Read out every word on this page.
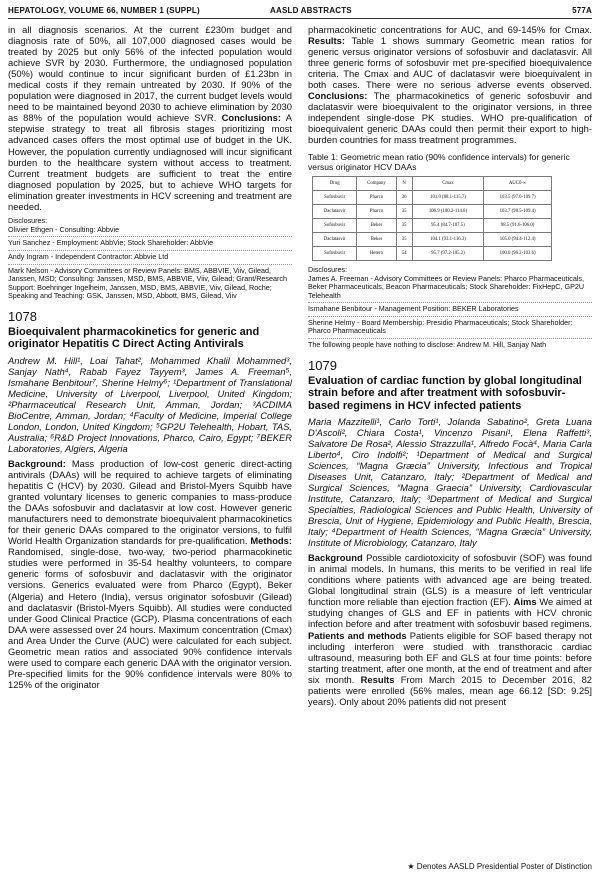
HEPATOLOGY, VOLUME 66, NUMBER 1 (SUPPL)	AASLD ABSTRACTS	577A

in all diagnosis scenarios. At the current £230m budget and diagnosis rate of 50%, all 107,000 diagnosed cases would be treated by 2025 but only 56% of the infected population would achieve SVR by 2030. Furthermore, the undiagnosed population (50%) would continue to incur significant burden of £1.23bn in medical costs if they remain untreated by 2030. If 90% of the population were diagnosed in 2017, the current budget levels would need to be maintained beyond 2030 to achieve elimination by 2030 as 88% of the population would achieve SVR. Conclusions: A stepwise strategy to treat all fibrosis stages prioritizing most advanced cases offers the most optimal use of budget in the UK. However, the population currently undiagnosed will incur significant burden to the healthcare system without access to treatment. Current treatment budgets are sufficient to treat the entire diagnosed population by 2025, but to achieve WHO targets for elimination greater investments in HCV screening and treatment are needed.

Disclosures:
Olivier Ethgen - Consulting: Abbvie
Yuri Sanchez - Employment: AbbVie; Stock Shareholder: AbbVie
Andy Ingram - Independent Contractor: Abbvie Ltd
Mark Nelson - Advisory Committees or Review Panels: BMS, ABBVIE, Viiv, Gilead, Janssen, MSD; Consulting: Janssen, MSD, BMS, ABBVIE, Viiv, Gilead; Grant/Research Support: Boehringer Ingelheim, Janssen, MSD, BMS, ABBVIE, Viiv, Gilead, Roche; Speaking and Teaching: GSK, Janssen, MSD, Abbott, BMS, Gilead, Viiv
1078
Bioequivalent pharmacokinetics for generic and originator Hepatitis C Direct Acting Antivirals
Andrew M. Hill¹, Loai Tahat², Mohammed Khalil Mohammed³, Sanjay Nath⁴, Rabab Fayez Tayyem³, James A. Freeman⁵, Ismahane Benbitour⁷, Sherine Helmy⁶; ¹Department of Translational Medicine, University of Liverpool, Liverpool, United Kingdom; ²Pharmaceutical Research Unit, Amman, Jordan; ³ACDIMA BioCentre, Amman, Jordan; ⁴Faculty of Medicine, Imperial College London, London, United Kingdom; ⁵GP2U Telehealth, Hobart, TAS, Australia; ⁶R&D Project Innovations, Pharco, Cairo, Egypt; ⁷BEKER Laboratories, Algiers, Algeria

Background: Mass production of low-cost generic direct-acting antivirals (DAAs) will be required to achieve targets of eliminating hepatitis C (HCV) by 2030. Gilead and Bristol-Myers Squibb have granted voluntary licenses to generic companies to mass-produce the DAAs sofosbuvir and daclatasvir at low cost. However generic manufacturers need to demonstrate bioequivalent pharmacokinetics for their generic DAAs compared to the originator versions, to fulfil World Health Organization standards for pre-qualification. Methods: Randomised, single-dose, two-way, two-period pharmacokinetic studies were performed in 35-54 healthy volunteers, to compare generic forms of sofosbuvir and daclatasvir with the originator versions. Generics evaluated were from Pharco (Egypt), Beker (Algeria) and Hetero (India), versus originator sofosbuvir (Gilead) and daclatasvir (Bristol-Myers Squibb). All studies were conducted under Good Clinical Practice (GCP). Plasma concentrations of each DAA were assessed over 24 hours. Maximum concentration (Cmax) and Area Under the Curve (AUC) were calculated for each subject. Geometric mean ratios and associated 90% confidence intervals were used to compare each generic DAA with the originator version. Pre-specified limits for the 90% confidence intervals were 80% to 125% of the originator

pharmacokinetic concentrations for AUC, and 69-145% for Cmax. Results: Table 1 shows summary Geometric mean ratios for generic versus originator versions of sofosbuvir and daclatasvir. All three generic forms of sofosbuvir met pre-specified bioequivalence criteria. The Cmax and AUC of daclatasvir were bioequivalent in both cases. There were no serious adverse events observed. Conclusions: The pharmacokinetics of generic sofosbuvir and daclatasvir were bioequivalent to the originator versions, in three independent single-dose PK studies. WHO pre-qualification of bioequivalent generic DAAs could then permit their export to high-burden countries for mass treatment programmes.

Table 1: Geometric mean ratio (90% confidence intervals) for generic versus originator HCV DAAs
Drug	Company	N	Cmax	AUC0-∞
Sofosbuvir	Pharco	36	101.0 (88.1-115.7)	103.5 (97.0-109.7)
Daclatasvir	Pharco	35	106.9 (100.2-114.0)	103.7 (98.5-109.4)
Sofosbuvir	Beker	35	95.4 (84.7-107.5)	98.5 (91.6-106.0)
Daclatasvir	Beker	35	104.1 (93.1-116.3)	105.0 (94.4-112.4)
Sofosbuvir	Hetero	54	95.7 (97.2-105.2)	100.0 (96.2-103.6)
Disclosures:
James A. Freeman - Advisory Committees or Review Panels: Pharco Pharmaceuticals, Beker Pharmaceuticals, Beacon Pharmaceuticals; Stock Shareholder: FixHepC, GP2U Telehealth
Ismahane Benbitour - Management Position: BEKER Laboratories
Sherine Helmy - Board Membership: Presidio Pharmaceuticals; Stock Shareholder: Pharco Pharmaceuticals
The following people have nothing to disclose: Andrew M. Hill, Sanjay Nath
1079
Evaluation of cardiac function by global longitudinal strain before and after treatment with sofosbuvir-based regimens in HCV infected patients
Maria Mazzitelli¹, Carlo Torti¹, Jolanda Sabatino², Greta Luana D'Ascoli², Chiara Costa¹, Vincenzo Pisani¹, Elena Raffetti³, Salvatore De Rosa², Alessio Strazzulla¹, Alfredo Focà⁴, Maria Carla Liberto⁴, Ciro Indolfi²; ¹Department of Medical and Surgical Sciences, “Magna Græcia” University, Infectious and Tropical Diseases Unit, Catanzaro, Italy; ²Department of Medical and Surgical Sciences, “Magna Graecia” University, Cardiovascular Institute, Catanzaro, Italy; ³Department of Medical and Surgical Specialties, Radiological Sciences and Public Health, University of Brescia, Unit of Hygiene, Epidemiology and Public Health, Brescia, Italy; ⁴Department of Health Sciences, “Magna Græcia” University, Institute of Microbiology, Catanzaro, Italy

Background Possible cardiotoxicity of sofosbuvir (SOF) was found in animal models. In humans, this merits to be verified in real life conditions where patients with advanced age are being treated. Global longitudinal strain (GLS) is a measure of left ventricular function more reliable than ejection fraction (EF). Aims We aimed at studying changes of GLS and EF in patients with HCV chronic infection before and after treatment with sofosbuvir based regimens. Patients and methods Patients eligible for SOF based therapy not including interferon were studied with transthoracic cardiac ultrasound, measuring both EF and GLS at four time points: before starting treatment, after one month, at the end of treatment and after six month. Results From March 2015 to December 2016, 82 patients were enrolled (56% males, mean age 66.12 [SD: 9.25] years). Only about 20% patients did not present

★ Denotes AASLD Presidential Poster of Distinction
